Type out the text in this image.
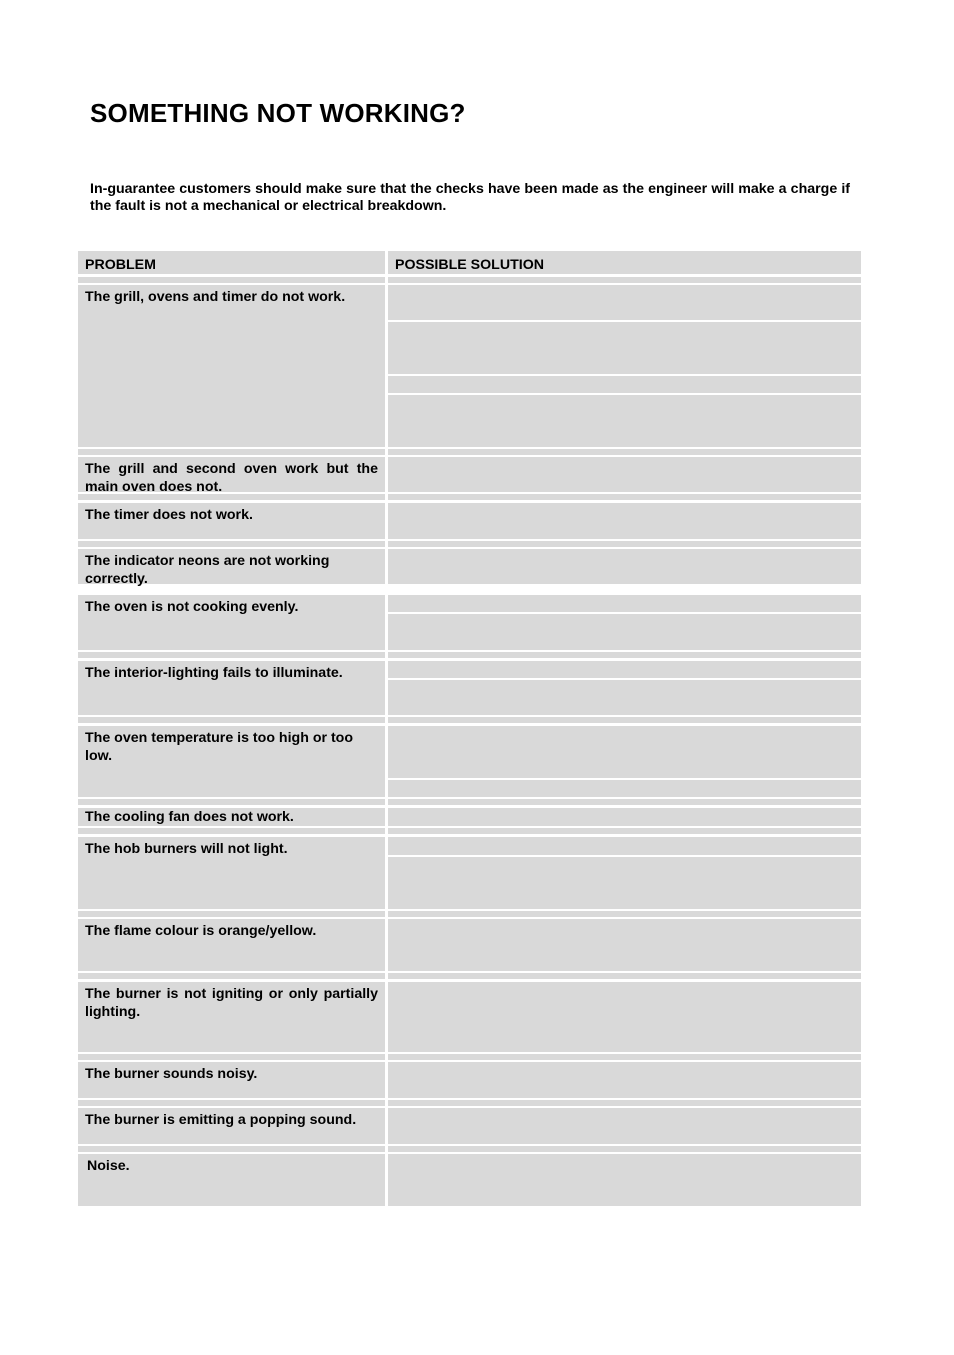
SOMETHING NOT WORKING?

In-guarantee customers should make sure that the checks have been made as the engineer will make a charge if the fault is not a mechanical or electrical breakdown.

PROBLEM	POSSIBLE SOLUTION
The grill, ovens and timer do not work.
The grill and second oven work but the main oven does not.
The timer does not work.
The indicator neons are not working correctly.
The oven is not cooking evenly.
The interior-lighting fails to illuminate.
The oven temperature is too high or too low.
The cooling fan does not work.
The hob burners will not light.
The flame colour is orange/yellow.
The burner is not igniting or only partially lighting.
The burner sounds noisy.
The burner is emitting a popping sound.
Noise.
